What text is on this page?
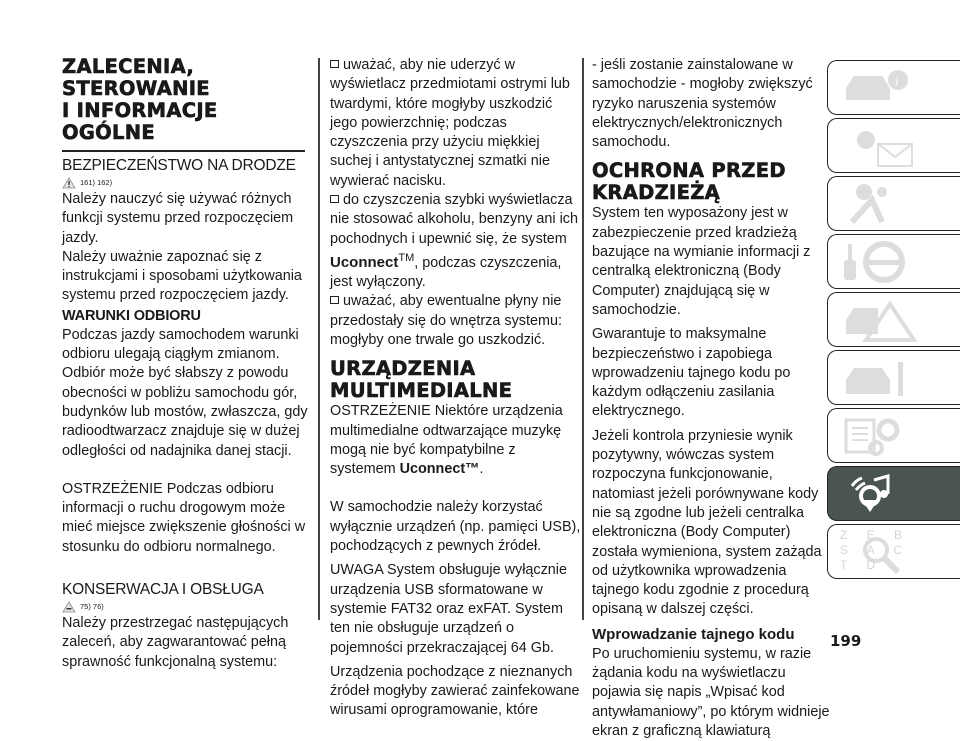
ZALECENIA,
STEROWANIE
I INFORMACJE
OGÓLNE
BEZPIECZEŃSTWO NA DRODZE
161) 162)

Należy nauczyć się używać różnych funkcji systemu przed rozpoczęciem jazdy.

Należy uważnie zapoznać się z instrukcjami i sposobami użytkowania systemu przed rozpoczęciem jazdy.

WARUNKI ODBIORU

Podczas jazdy samochodem warunki odbioru ulegają ciągłym zmianom. Odbiór może być słabszy z powodu obecności w pobliżu samochodu gór, budynków lub mostów, zwłaszcza, gdy radioodtwarzacz znajduje się w dużej odległości od nadajnika danej stacji.

OSTRZEŻENIE Podczas odbioru informacji o ruchu drogowym może mieć miejsce zwiększenie głośności w stosunku do odbioru normalnego.

KONSERWACJA I OBSŁUGA
75) 76)

Należy przestrzegać następujących zaleceń, aby zagwarantować pełną sprawność funkcjonalną systemu:

uważać, aby nie uderzyć w wyświetlacz przedmiotami ostrymi lub twardymi, które mogłyby uszkodzić jego powierzchnię; podczas czyszczenia przy użyciu miękkiej suchej i antystatycznej szmatki nie wywierać nacisku.

do czyszczenia szybki wyświetlacza nie stosować alkoholu, benzyny ani ich pochodnych i upewnić się, że system Uconnect™, podczas czyszczenia, jest wyłączony.

uważać, aby ewentualne płyny nie przedostały się do wnętrza systemu: mogłyby one trwale go uszkodzić.

URZĄDZENIA
MULTIMEDIALNE

OSTRZEŻENIE Niektóre urządzenia multimedialne odtwarzające muzykę mogą nie być kompatybilne z systemem Uconnect™.

W samochodzie należy korzystać wyłącznie urządzeń (np. pamięci USB), pochodzących z pewnych źródeł.

UWAGA System obsługuje wyłącznie urządzenia USB sformatowane w systemie FAT32 oraz exFAT. System ten nie obsługuje urządzeń o pojemności przekraczającej 64 Gb.

Urządzenia pochodzące z nieznanych źródeł mogłyby zawierać zainfekowane wirusami oprogramowanie, które

- jeśli zostanie zainstalowane w samochodzie - mogłoby zwiększyć ryzyko naruszenia systemów elektrycznych/elektronicznych samochodu.

OCHRONA PRZED
KRADZIEŻĄ

System ten wyposażony jest w zabezpieczenie przed kradzieżą bazujące na wymianie informacji z centralką elektroniczną (Body Computer) znajdującą się w samochodzie.

Gwarantuje to maksymalne bezpieczeństwo i zapobiega wprowadzeniu tajnego kodu po każdym odłączeniu zasilania elektrycznego.

Jeżeli kontrola przyniesie wynik pozytywny, wówczas system rozpoczyna funkcjonowanie, natomiast jeżeli porównywane kody nie są zgodne lub jeżeli centralka elektroniczna (Body Computer) została wymieniona, system zażąda od użytkownika wprowadzenia tajnego kodu zgodnie z procedurą opisaną w dalszej części.

Wprowadzanie tajnego kodu

Po uruchomieniu systemu, w razie żądania kodu na wyświetlaczu pojawia się napis „Wpisać kod antywłamaniowy”, po którym widnieje ekran z graficzną klawiaturą

i
Z E B S A C T D
199
